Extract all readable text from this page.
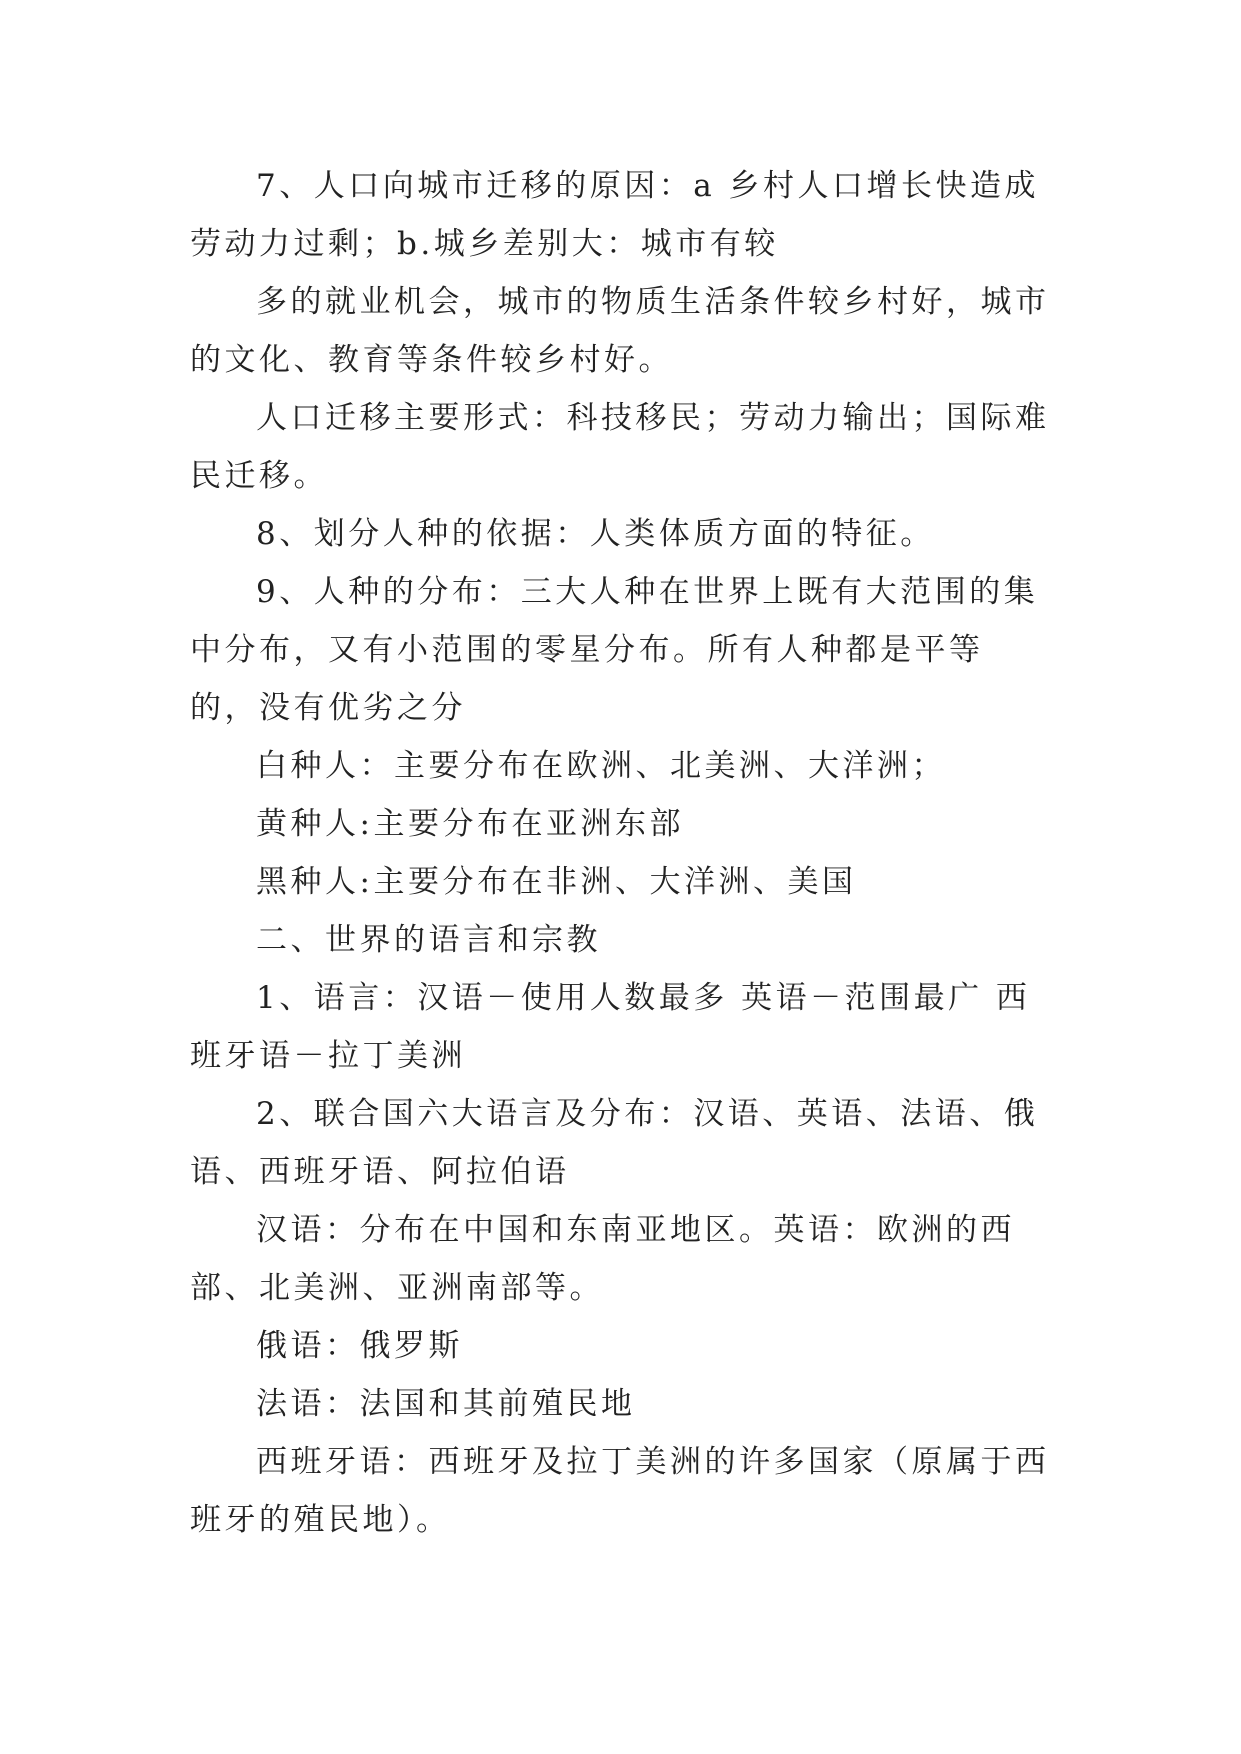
7、人口向城市迁移的原因：a 乡村人口增长快造成劳动力过剩；b.城乡差别大：城市有较

多的就业机会，城市的物质生活条件较乡村好，城市的文化、教育等条件较乡村好。

人口迁移主要形式：科技移民；劳动力输出；国际难民迁移。

8、划分人种的依据：人类体质方面的特征。

9、人种的分布：三大人种在世界上既有大范围的集中分布，又有小范围的零星分布。所有人种都是平等的，没有优劣之分

白种人：主要分布在欧洲、北美洲、大洋洲；

黄种人:主要分布在亚洲东部

黑种人:主要分布在非洲、大洋洲、美国

二、世界的语言和宗教

1、语言：汉语－使用人数最多 英语－范围最广 西班牙语－拉丁美洲

2、联合国六大语言及分布：汉语、英语、法语、俄语、西班牙语、阿拉伯语

汉语：分布在中国和东南亚地区。英语：欧洲的西部、北美洲、亚洲南部等。

俄语：俄罗斯

法语：法国和其前殖民地

西班牙语：西班牙及拉丁美洲的许多国家（原属于西班牙的殖民地）。
